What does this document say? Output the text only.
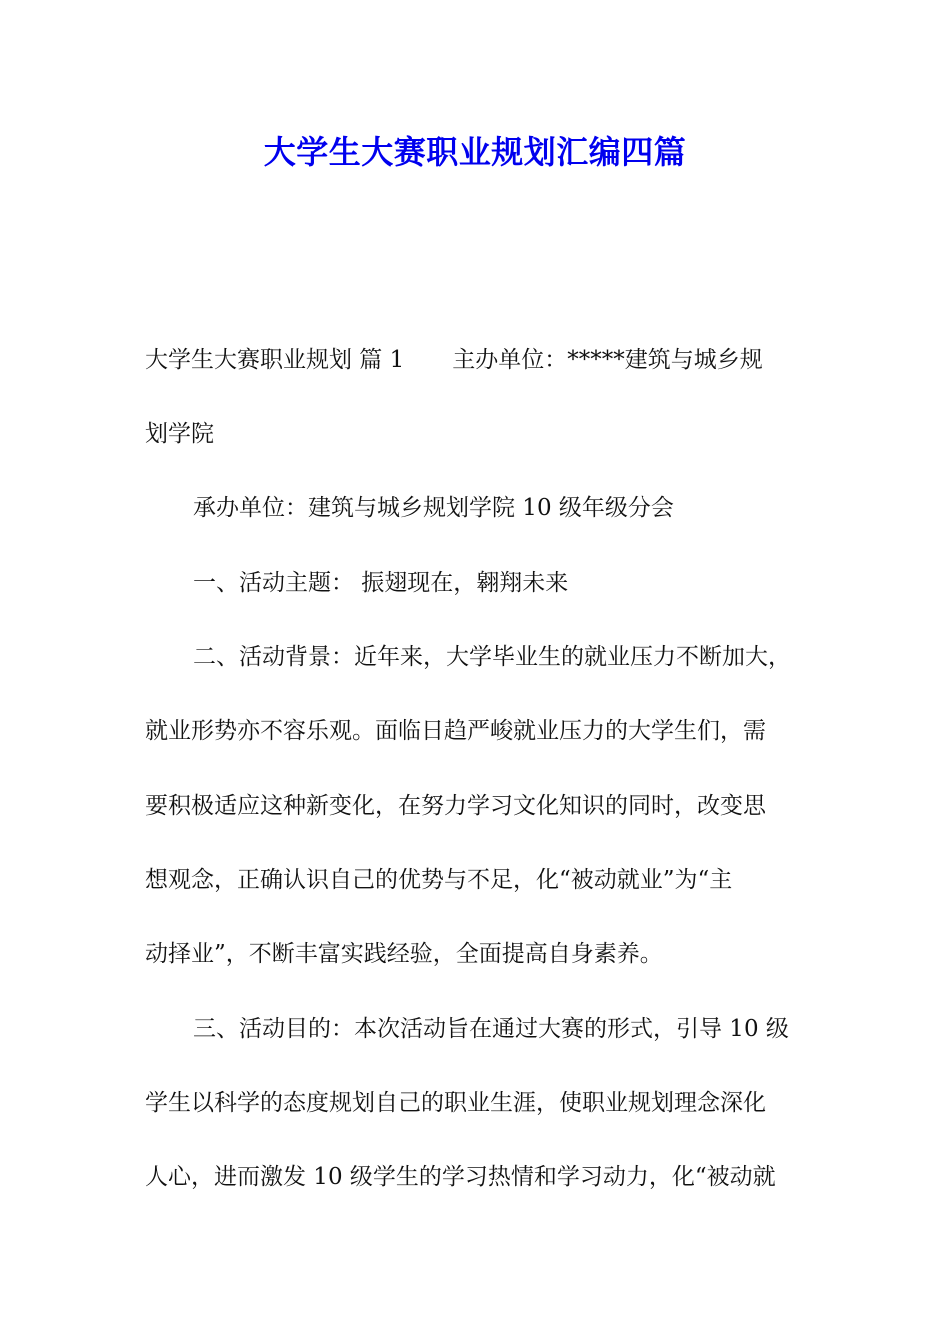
大学生大赛职业规划汇编四篇

大学生大赛职业规划 篇 1 主办单位：*****建筑与城乡规

划学院

承办单位：建筑与城乡规划学院 10 级年级分会

一、活动主题： 振翅现在，翱翔未来

二、活动背景：近年来，大学毕业生的就业压力不断加大，

就业形势亦不容乐观。面临日趋严峻就业压力的大学生们，需

要积极适应这种新变化，在努力学习文化知识的同时，改变思

想观念，正确认识自己的优势与不足，化“被动就业”为“主

动择业”，不断丰富实践经验，全面提高自身素养。

三、活动目的：本次活动旨在通过大赛的形式，引导 10 级

学生以科学的态度规划自己的职业生涯，使职业规划理念深化

人心，进而激发 10 级学生的学习热情和学习动力，化“被动就
